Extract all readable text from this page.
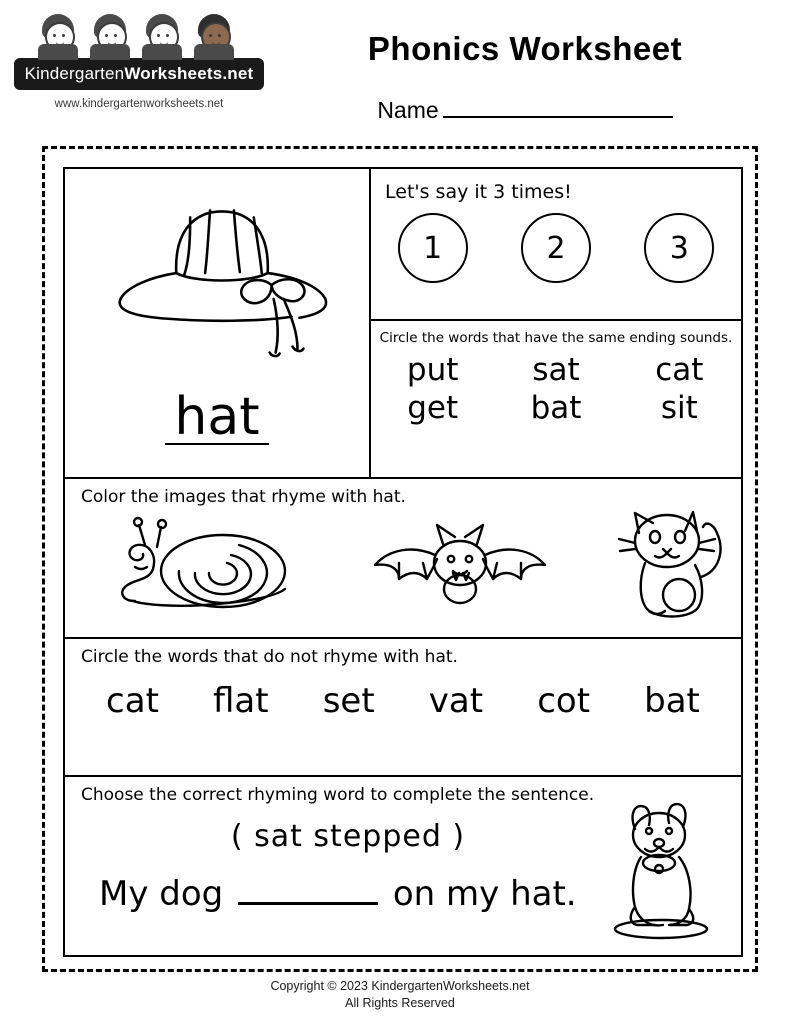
KindergartenWorksheets.net
www.kindergartenworksheets.net
Phonics Worksheet
Name
hat
Let's say it 3 times!
1	2	3
Circle the words that have the same ending sounds.
put	sat	cat
get	bat	sit
Color the images that rhyme with hat.
Circle the words that do not rhyme with hat.
cat flat set vat cot bat
Choose the correct rhyming word to complete the sentence.
( sat stepped )
My dog	on my hat.
Copyright © 2023 KindergartenWorksheets.net
All Rights Reserved
